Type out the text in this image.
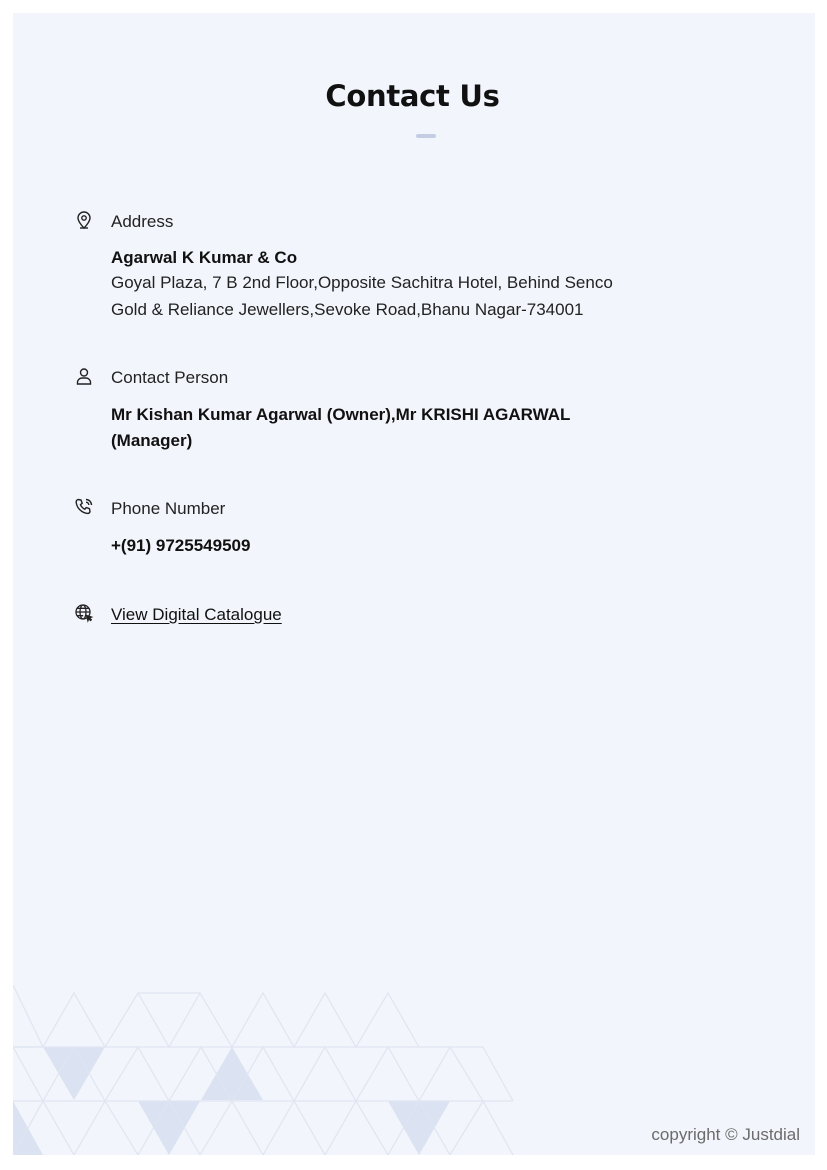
Contact Us
Address
Agarwal K Kumar & Co
Goyal Plaza, 7 B 2nd Floor,Opposite Sachitra Hotel, Behind Senco
Gold & Reliance Jewellers,Sevoke Road,Bhanu Nagar-734001
Contact Person
Mr Kishan Kumar Agarwal (Owner),Mr KRISHI AGARWAL
(Manager)
Phone Number
+(91) 9725549509
View Digital Catalogue
copyright © Justdial
